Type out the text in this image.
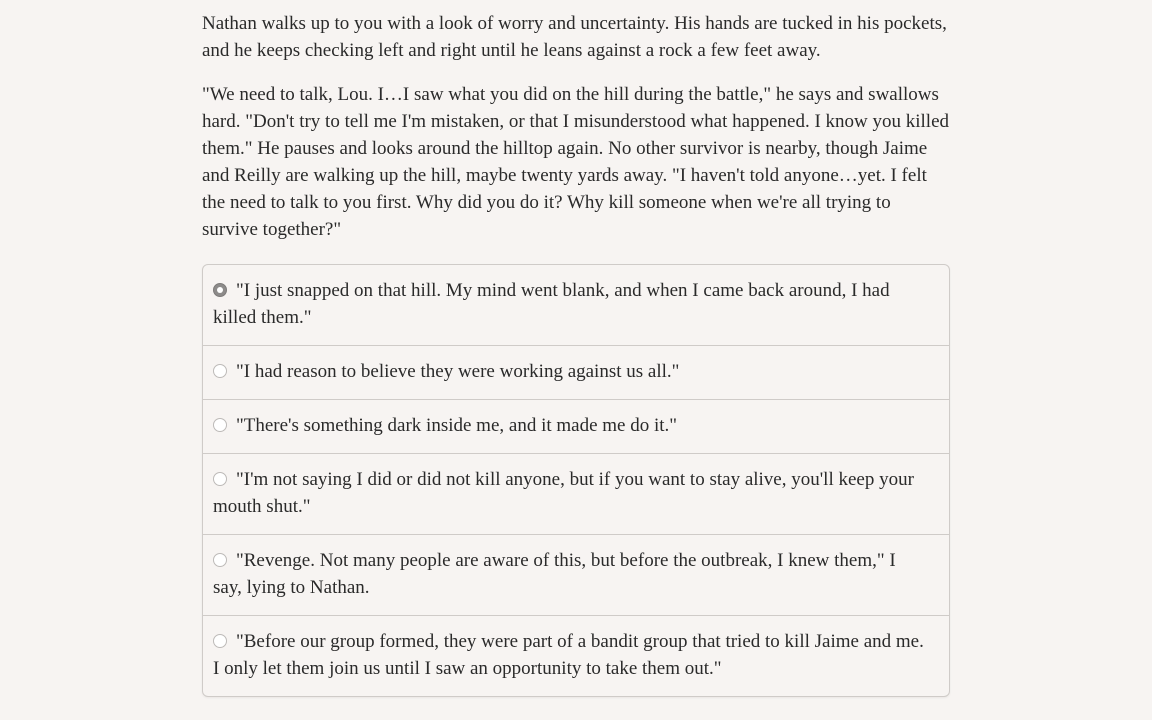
Nathan walks up to you with a look of worry and uncertainty. His hands are tucked in his pockets, and he keeps checking left and right until he leans against a rock a few feet away.

"We need to talk, Lou. I…I saw what you did on the hill during the battle," he says and swallows hard. "Don't try to tell me I'm mistaken, or that I misunderstood what happened. I know you killed them." He pauses and looks around the hilltop again. No other survivor is nearby, though Jaime and Reilly are walking up the hill, maybe twenty yards away. "I haven't told anyone…yet. I felt the need to talk to you first. Why did you do it? Why kill someone when we're all trying to survive together?"

"I just snapped on that hill. My mind went blank, and when I came back around, I had killed them."
"I had reason to believe they were working against us all."
"There's something dark inside me, and it made me do it."
"I'm not saying I did or did not kill anyone, but if you want to stay alive, you'll keep your mouth shut."
"Revenge. Not many people are aware of this, but before the outbreak, I knew them," I say, lying to Nathan.
"Before our group formed, they were part of a bandit group that tried to kill Jaime and me. I only let them join us until I saw an opportunity to take them out."
